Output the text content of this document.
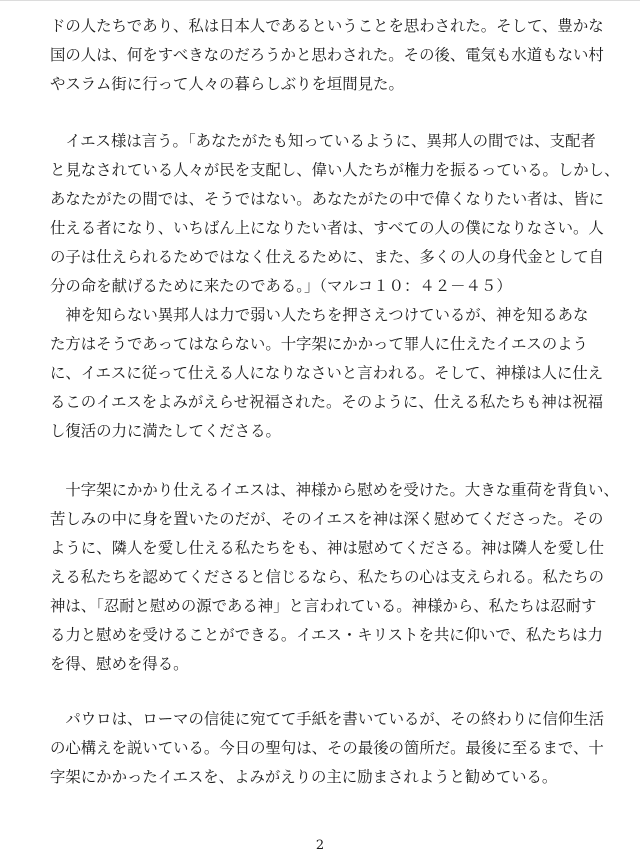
ドの人たちであり、私は日本人であるということを思わされた。そして、豊かな
国の人は、何をすべきなのだろうかと思わされた。その後、電気も水道もない村
やスラム街に行って人々の暮らしぶりを垣間見た。
　イエス様は言う。「あなたがたも知っているように、異邦人の間では、支配者
と見なされている人々が民を支配し、偉い人たちが権力を振るっている。しかし、
あなたがたの間では、そうではない。あなたがたの中で偉くなりたい者は、皆に
仕える者になり、いちばん上になりたい者は、すべての人の僕になりなさい。人
の子は仕えられるためではなく仕えるために、また、多くの人の身代金として自
分の命を献げるために来たのである。」（マルコ１０：４２－４５）
　神を知らない異邦人は力で弱い人たちを押さえつけているが、神を知るあな
た方はそうであってはならない。十字架にかかって罪人に仕えたイエスのよう
に、イエスに従って仕える人になりなさいと言われる。そして、神様は人に仕え
るこのイエスをよみがえらせ祝福された。そのように、仕える私たちも神は祝福
し復活の力に満たしてくださる。
　十字架にかかり仕えるイエスは、神様から慰めを受けた。大きな重荷を背負い、
苦しみの中に身を置いたのだが、そのイエスを神は深く慰めてくださった。その
ように、隣人を愛し仕える私たちをも、神は慰めてくださる。神は隣人を愛し仕
える私たちを認めてくださると信じるなら、私たちの心は支えられる。私たちの
神は、「忍耐と慰めの源である神」と言われている。神様から、私たちは忍耐す
る力と慰めを受けることができる。イエス・キリストを共に仰いで、私たちは力
を得、慰めを得る。
　パウロは、ローマの信徒に宛てて手紙を書いているが、その終わりに信仰生活
の心構えを説いている。今日の聖句は、その最後の箇所だ。最後に至るまで、十
字架にかかったイエスを、よみがえりの主に励まされようと勧めている。
2
